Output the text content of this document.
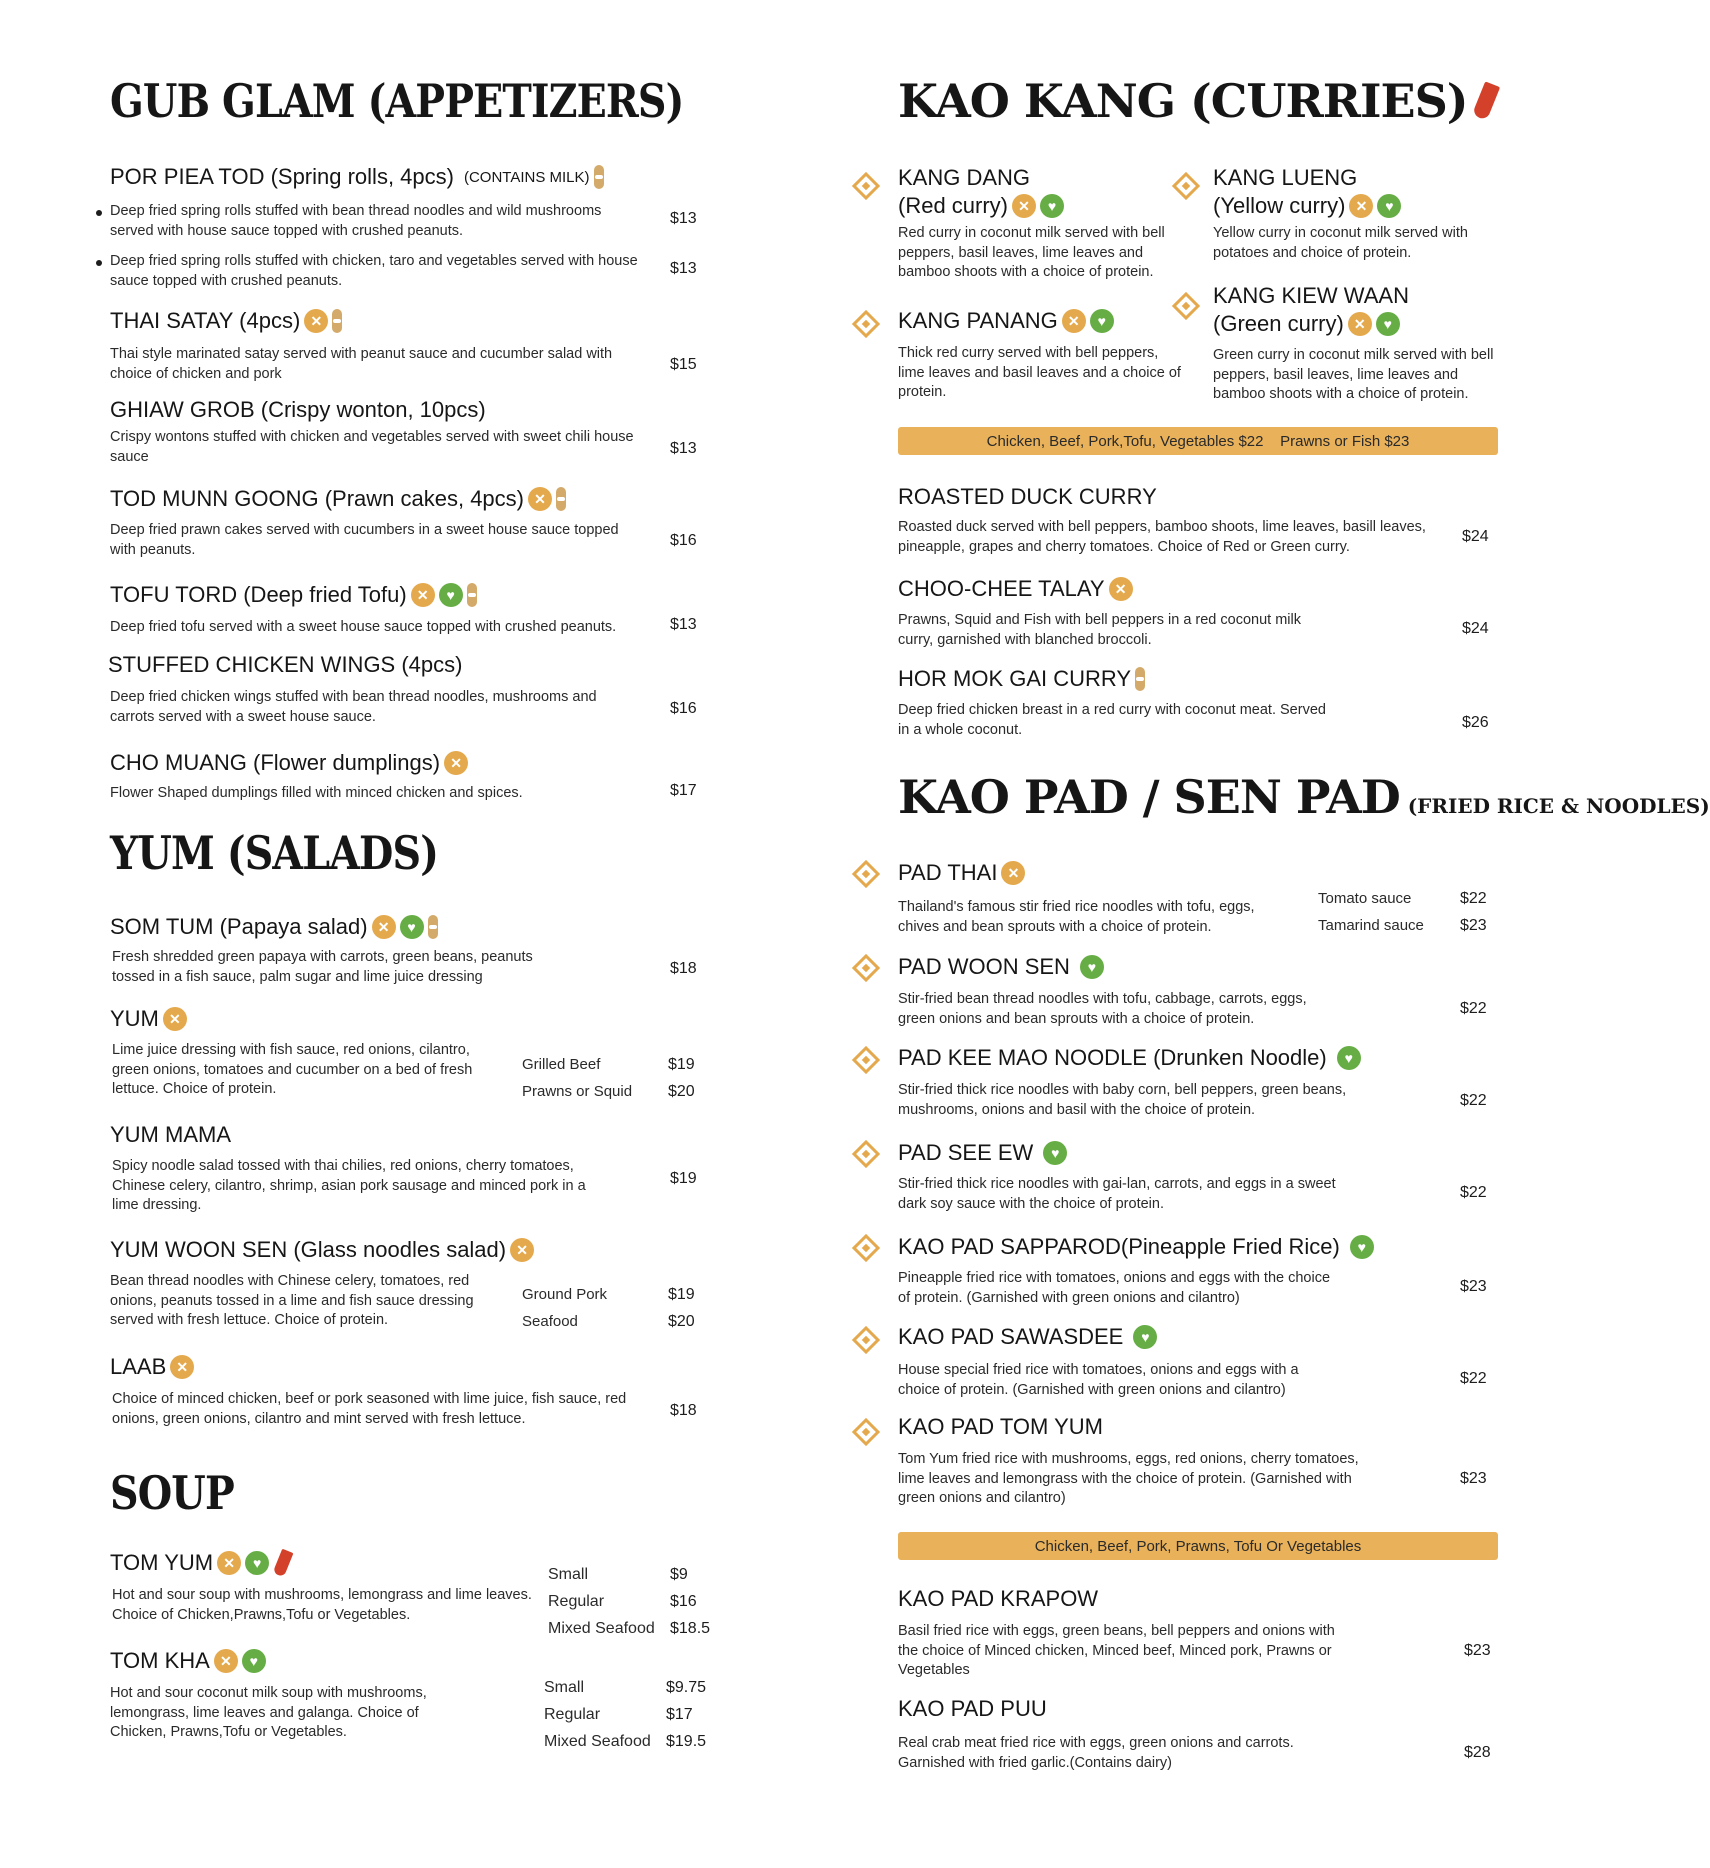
GUB GLAM (APPETIZERS)
POR PIEA TOD (Spring rolls, 4pcs) (CONTAINS MILK)
Deep fried spring rolls stuffed with bean thread noodles and wild mushrooms served with house sauce topped with crushed peanuts.
$13
Deep fried spring rolls stuffed with chicken, taro and vegetables served with house sauce topped with crushed peanuts.
$13
THAI SATAY (4pcs) ✕
Thai style marinated satay served with peanut sauce and cucumber salad with choice of chicken and pork
$15
GHIAW GROB (Crispy wonton, 10pcs)
Crispy wontons stuffed with chicken and vegetables served with sweet chili house sauce	$13
TOD MUNN GOONG (Prawn cakes, 4pcs) ✕
Deep fried prawn cakes served with cucumbers in a sweet house sauce topped with peanuts.
$16
TOFU TORD (Deep fried Tofu) ✕	♥
Deep fried tofu served with a sweet house sauce topped with crushed peanuts.	$13
STUFFED CHICKEN WINGS (4pcs)
Deep fried chicken wings stuffed with bean thread noodles, mushrooms and carrots served with a sweet house sauce.	$16
CHO MUANG (Flower dumplings) ✕
Flower Shaped dumplings filled with minced chicken and spices.	$17
YUM (SALADS)
SOM TUM (Papaya salad) ✕	♥
Fresh shredded green papaya with carrots, green beans, peanuts tossed in a fish sauce, palm sugar and lime juice dressing	$18
YUM ✕
Lime juice dressing with fish sauce, red onions, cilantro, green onions, tomatoes and cucumber on a bed of fresh lettuce. Choice of protein.
Grilled Beef	$19
Prawns or Squid $20
YUM MAMA
Spicy noodle salad tossed with thai chilies, red onions, cherry tomatoes, Chinese celery, cilantro, shrimp, asian pork sausage and minced pork in a lime dressing.
$19
YUM WOON SEN (Glass noodles salad) ✕
Bean thread noodles with Chinese celery, tomatoes, red onions, peanuts tossed in a lime and fish sauce dressing served with fresh lettuce. Choice of protein.
Ground Pork	$19
Seafood	$20
LAAB ✕
Choice of minced chicken, beef or pork seasoned with lime juice, fish sauce, red onions, green onions, cilantro and mint served with fresh lettuce.	$18
SOUP
TOM YUM ✕	♥
Hot and sour soup with mushrooms, lemongrass and lime leaves. Choice of Chicken,Prawns,Tofu or Vegetables.
Small	$9
Regular	$16
Mixed Seafood $18.5
TOM KHA ✕	♥
Hot and sour coconut milk soup with mushrooms, lemongrass, lime leaves and galanga. Choice of Chicken, Prawns,Tofu or Vegetables.
Small	$9.75
Regular	$17
Mixed Seafood $19.5
KAO KANG (CURRIES)
KANG DANG
(Red curry) ✕	♥
Red curry in coconut milk served with bell peppers, basil leaves, lime leaves and bamboo shoots with a choice of protein.
KANG LUENG
(Yellow curry) ✕	♥
Yellow curry in coconut milk served with potatoes and choice of protein.
KANG PANANG ✕	♥
Thick red curry served with bell peppers, lime leaves and basil leaves and a choice of protein.
KANG KIEW WAAN
(Green curry) ✕	♥
Green curry in coconut milk served with bell peppers, basil leaves, lime leaves and bamboo shoots with a choice of protein.
Chicken, Beef, Pork,Tofu, Vegetables $22    Prawns or Fish $23
ROASTED DUCK CURRY
Roasted duck served with bell peppers, bamboo shoots, lime leaves, basill leaves, pineapple, grapes and cherry tomatoes. Choice of Red or Green curry.
$24
CHOO-CHEE TALAY ✕
Prawns, Squid and Fish with bell peppers in a red coconut milk curry, garnished with blanched broccoli.
$24
HOR MOK GAI CURRY
Deep fried chicken breast in a red curry with coconut meat. Served in a whole coconut.	$26
KAO PAD / SEN PAD (FRIED RICE & NOODLES)
PAD THAI ✕
Thailand's famous stir fried rice noodles with tofu, eggs, chives and bean sprouts with a choice of protein.
Tomato sauce	$22
Tamarind sauce $23
PAD WOON SEN	♥
Stir-fried bean thread noodles with tofu, cabbage, carrots, eggs, green onions and bean sprouts with a choice of protein.
$22
PAD KEE MAO NOODLE (Drunken Noodle)	♥
Stir-fried thick rice noodles with baby corn, bell peppers, green beans, mushrooms, onions and basil with the choice of protein.
$22
PAD SEE EW	♥
Stir-fried thick rice noodles with gai-lan, carrots, and eggs in a sweet dark soy sauce with the choice of protein.
$22
KAO PAD SAPPAROD(Pineapple Fried Rice)	♥
Pineapple fried rice with tomatoes, onions and eggs with the choice of protein. (Garnished with green onions and cilantro)
$23
KAO PAD SAWASDEE	♥
House special fried rice with tomatoes, onions and eggs with a choice of protein. (Garnished with green onions and cilantro)
$22
KAO PAD TOM YUM
Tom Yum fried rice with mushrooms, eggs, red onions, cherry tomatoes, lime leaves and lemongrass with the choice of protein. (Garnished with green onions and cilantro)
$23
Chicken, Beef, Pork, Prawns, Tofu Or Vegetables
KAO PAD KRAPOW
Basil fried rice with eggs, green beans, bell peppers and onions with the choice of Minced chicken, Minced beef, Minced pork, Prawns or Vegetables
$23
KAO PAD PUU
Real crab meat fried rice with eggs, green onions and carrots. Garnished with fried garlic.(Contains dairy)
$28
